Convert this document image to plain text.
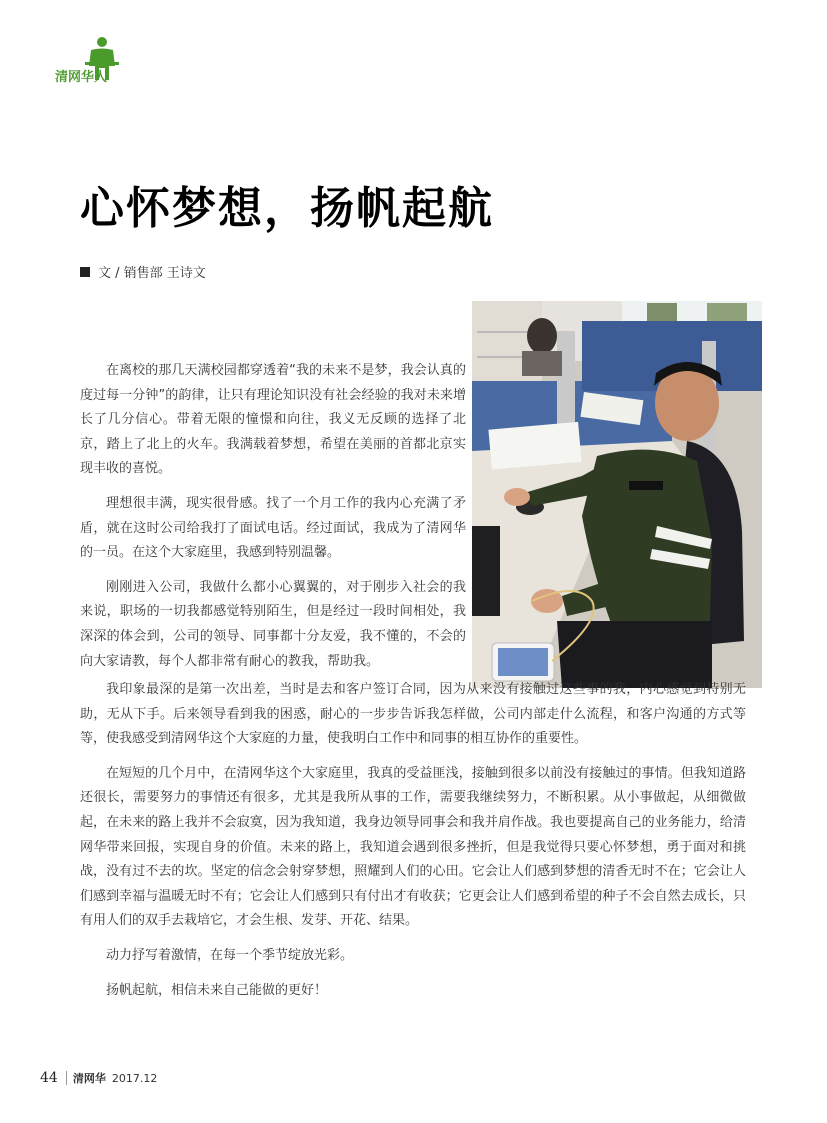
清网华人
心怀梦想，扬帆起航
文 / 销售部 王诗文

在离校的那几天满校园都穿透着“我的未来不是梦，我会认真的度过每一分钟”的韵律，让只有理论知识没有社会经验的我对未来增长了几分信心。带着无限的憧憬和向往，我义无反顾的选择了北京，踏上了北上的火车。我满载着梦想，希望在美丽的首都北京实现丰收的喜悦。

理想很丰满，现实很骨感。找了一个月工作的我内心充满了矛盾，就在这时公司给我打了面试电话。经过面试，我成为了清网华的一员。在这个大家庭里，我感到特别温馨。

刚刚进入公司，我做什么都小心翼翼的，对于刚步入社会的我来说，职场的一切我都感觉特别陌生，但是经过一段时间相处，我深深的体会到，公司的领导、同事都十分友爱，我不懂的，不会的向大家请教，每个人都非常有耐心的教我，帮助我。

我印象最深的是第一次出差，当时是去和客户签订合同，因为从来没有接触过这些事的我，内心感觉到特别无助，无从下手。后来领导看到我的困惑，耐心的一步步告诉我怎样做，公司内部走什么流程，和客户沟通的方式等等，使我感受到清网华这个大家庭的力量，使我明白工作中和同事的相互协作的重要性。

在短短的几个月中，在清网华这个大家庭里，我真的受益匪浅，接触到很多以前没有接触过的事情。但我知道路还很长，需要努力的事情还有很多，尤其是我所从事的工作，需要我继续努力，不断积累。从小事做起，从细微做起，在未来的路上我并不会寂寞，因为我知道，我身边领导同事会和我并肩作战。我也要提高自己的业务能力，给清网华带来回报，实现自身的价值。未来的路上，我知道会遇到很多挫折，但是我觉得只要心怀梦想，勇于面对和挑战，没有过不去的坎。坚定的信念会射穿梦想，照耀到人们的心田。它会让人们感到梦想的清香无时不在；它会让人们感到幸福与温暖无时不有；它会让人们感到只有付出才有收获；它更会让人们感到希望的种子不会自然去成长，只有用人们的双手去栽培它，才会生根、发芽、开花、结果。

动力抒写着激情，在每一个季节绽放光彩。

扬帆起航，相信未来自己能做的更好！

44 清网华 2017.12
